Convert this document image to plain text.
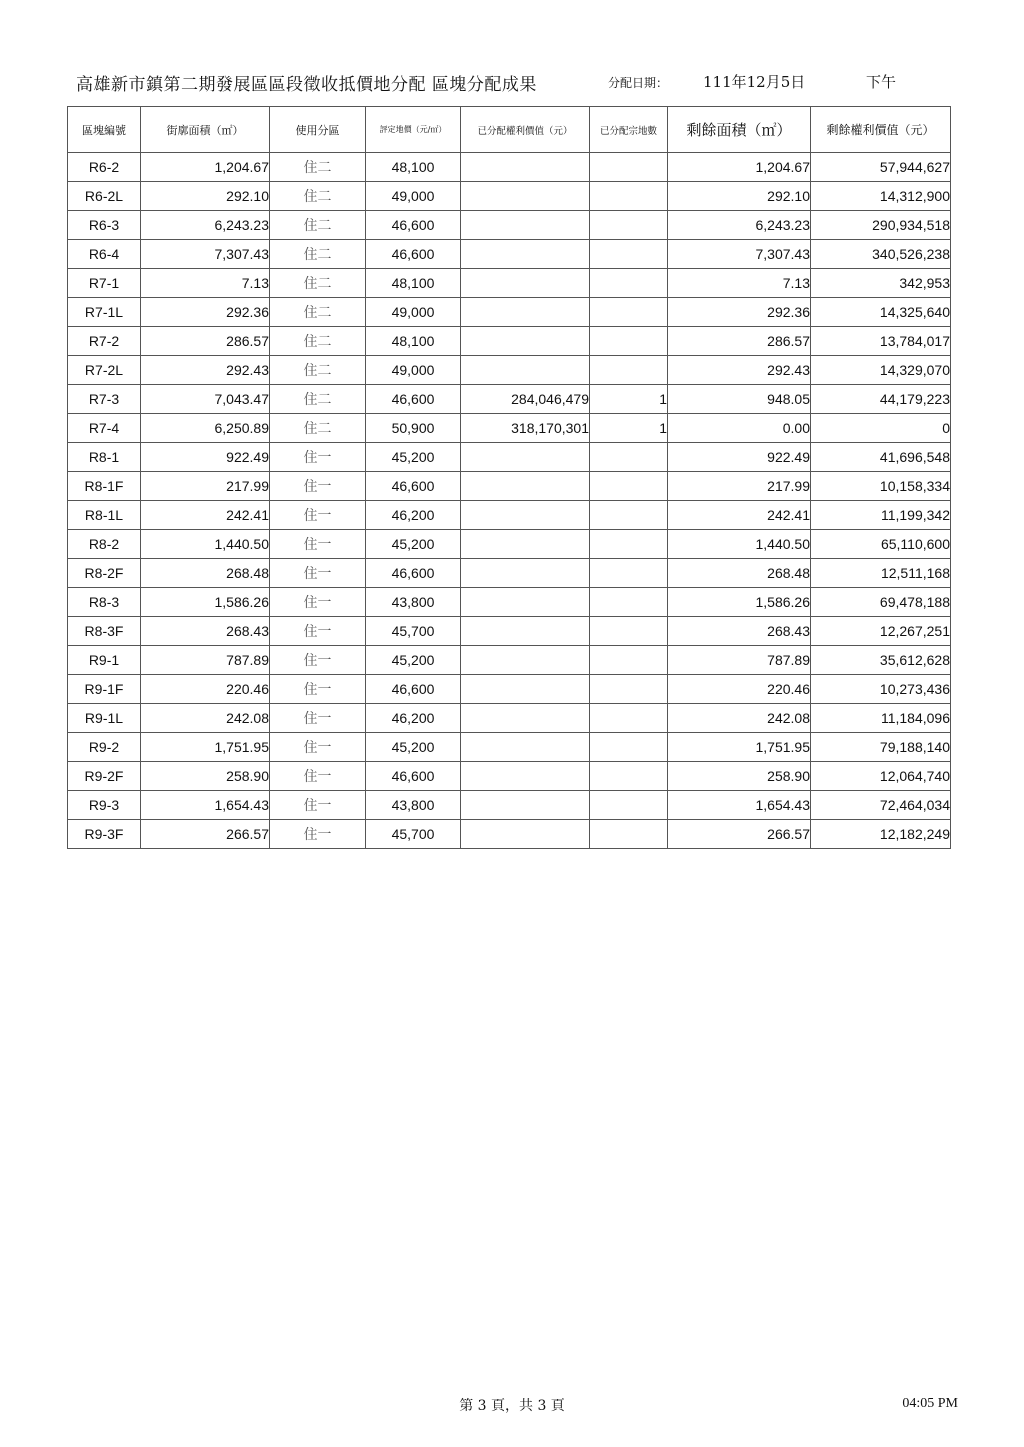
高雄新市鎮第二期發展區區段徵收抵價地分配 區塊分配成果	分配日期： 111年12月5日	下午
區塊編號	街廓面積（㎡）	使用分區	評定地價（元/㎡）	已分配權利價值（元）	已分配宗地數	剩餘面積（㎡）	剩餘權利價值（元）
R6-2	1,204.67	住二	48,100			1,204.67	57,944,627
R6-2L	292.10	住二	49,000			292.10	14,312,900
R6-3	6,243.23	住二	46,600			6,243.23	290,934,518
R6-4	7,307.43	住二	46,600			7,307.43	340,526,238
R7-1	7.13	住二	48,100			7.13	342,953
R7-1L	292.36	住二	49,000			292.36	14,325,640
R7-2	286.57	住二	48,100			286.57	13,784,017
R7-2L	292.43	住二	49,000			292.43	14,329,070
R7-3	7,043.47	住二	46,600	284,046,479	1	948.05	44,179,223
R7-4	6,250.89	住二	50,900	318,170,301	1	0.00	0
R8-1	922.49	住一	45,200			922.49	41,696,548
R8-1F	217.99	住一	46,600			217.99	10,158,334
R8-1L	242.41	住一	46,200			242.41	11,199,342
R8-2	1,440.50	住一	45,200			1,440.50	65,110,600
R8-2F	268.48	住一	46,600			268.48	12,511,168
R8-3	1,586.26	住一	43,800			1,586.26	69,478,188
R8-3F	268.43	住一	45,700			268.43	12,267,251
R9-1	787.89	住一	45,200			787.89	35,612,628
R9-1F	220.46	住一	46,600			220.46	10,273,436
R9-1L	242.08	住一	46,200			242.08	11,184,096
R9-2	1,751.95	住一	45,200			1,751.95	79,188,140
R9-2F	258.90	住一	46,600			258.90	12,064,740
R9-3	1,654.43	住一	43,800			1,654.43	72,464,034
R9-3F	266.57	住一	45,700			266.57	12,182,249
第 3 頁，共 3 頁	04:05 PM
